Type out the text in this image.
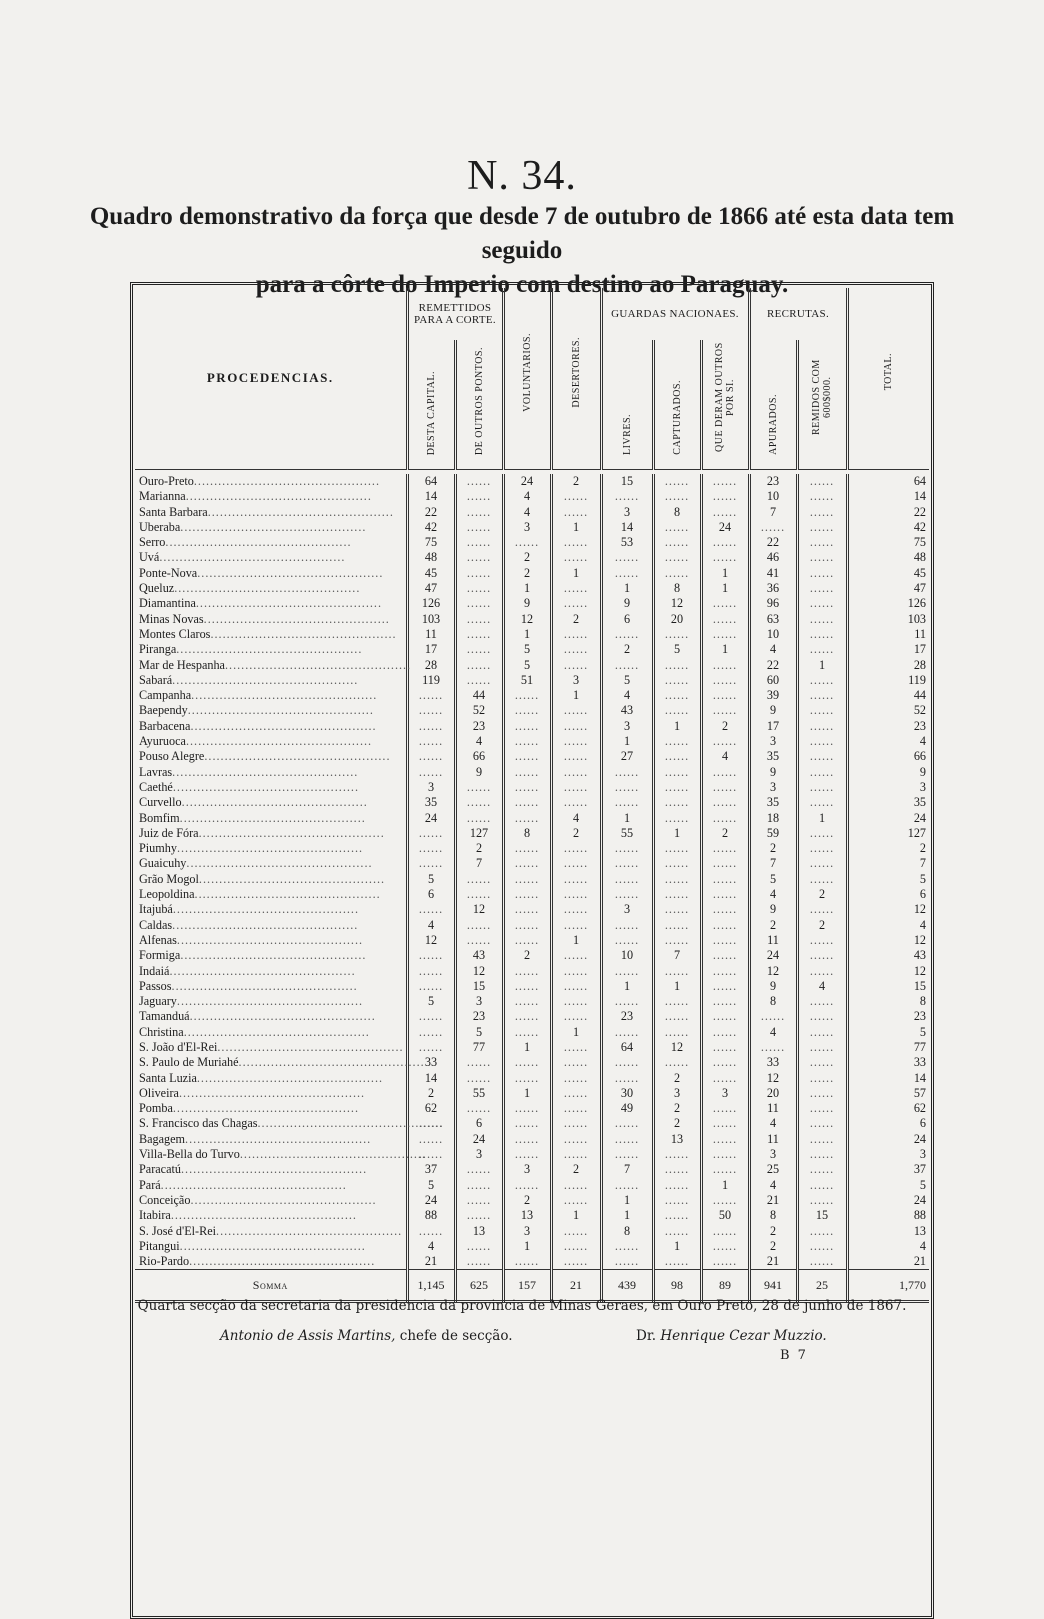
N. 34.
Quadro demonstrativo da força que desde 7 de outubro de 1866 até esta data tem seguido
para a côrte do Imperio com destino ao Paraguay.
PROCEDENCIAS.	REMETTIDOS PARA A CORTE.		VOLUNTARIOS.	DESERTORES.	GUARDAS NACIONAES.			RECRUTAS.		TOTAL.
	DESTA CAPITAL.	DE OUTROS PONTOS.			LIVRES.	CAPTURADOS.	QUE DERAM OUTROS POR SI.	APURADOS.	REMIDOS COM 600$000.	

Ouro-Preto..............................................	64	......	24	2	15	......	......	23	......	64
Marianna..............................................	14	......	4	......	......	......	......	10	......	14
Santa Barbara..............................................	22	......	4	......	3	8	......	7	......	22
Uberaba..............................................	42	......	3	1	14	......	24	......	......	42
Serro..............................................	75	......	......	......	53	......	......	22	......	75
Uvá..............................................	48	......	2	......	......	......	......	46	......	48
Ponte-Nova..............................................	45	......	2	1	......	......	1	41	......	45
Queluz..............................................	47	......	1	......	1	8	1	36	......	47
Diamantina..............................................	126	......	9	......	9	12	......	96	......	126
Minas Novas..............................................	103	......	12	2	6	20	......	63	......	103
Montes Claros..............................................	11	......	1	......	......	......	......	10	......	11
Piranga..............................................	17	......	5	......	2	5	1	4	......	17
Mar de Hespanha..............................................	28	......	5	......	......	......	......	22	1	28
Sabará..............................................	119	......	51	3	5	......	......	60	......	119
Campanha..............................................	......	44	......	1	4	......	......	39	......	44
Baependy..............................................	......	52	......	......	43	......	......	9	......	52
Barbacena..............................................	......	23	......	......	3	1	2	17	......	23
Ayuruoca..............................................	......	4	......	......	1	......	......	3	......	4
Pouso Alegre..............................................	......	66	......	......	27	......	4	35	......	66
Lavras..............................................	......	9	......	......	......	......	......	9	......	9
Caethé..............................................	3	......	......	......	......	......	......	3	......	3
Curvello..............................................	35	......	......	......	......	......	......	35	......	35
Bomfim..............................................	24	......	......	4	1	......	......	18	1	24
Juiz de Fóra..............................................	......	127	8	2	55	1	2	59	......	127
Piumhy..............................................	......	2	......	......	......	......	......	2	......	2
Guaicuhy..............................................	......	7	......	......	......	......	......	7	......	7
Grão Mogol..............................................	5	......	......	......	......	......	......	5	......	5
Leopoldina..............................................	6	......	......	......	......	......	......	4	2	6
Itajubá..............................................	......	12	......	......	3	......	......	9	......	12
Caldas..............................................	4	......	......	......	......	......	......	2	2	4
Alfenas..............................................	12	......	......	1	......	......	......	11	......	12
Formiga..............................................	......	43	2	......	10	7	......	24	......	43
Indaiá..............................................	......	12	......	......	......	......	......	12	......	12
Passos..............................................	......	15	......	......	1	1	......	9	4	15
Jaguary..............................................	5	3	......	......	......	......	......	8	......	8
Tamanduá..............................................	......	23	......	......	23	......	......	......	......	23
Christina..............................................	......	5	......	1	......	......	......	4	......	5
S. João d'El-Rei..............................................	......	77	1	......	64	12	......	......	......	77
S. Paulo de Muriahé..............................................	33	......	......	......	......	......	......	33	......	33
Santa Luzia..............................................	14	......	......	......	......	2	......	12	......	14
Oliveira..............................................	2	55	1	......	30	3	3	20	......	57
Pomba..............................................	62	......	......	......	49	2	......	11	......	62
S. Francisco das Chagas..............................................	......	6	......	......	......	2	......	4	......	6
Bagagem..............................................	......	24	......	......	......	13	......	11	......	24
Villa-Bella do Turvo..............................................	......	3	......	......	......	......	......	3	......	3
Paracatú..............................................	37	......	3	2	7	......	......	25	......	37
Pará..............................................	5	......	......	......	......	......	1	4	......	5
Conceição..............................................	24	......	2	......	1	......	......	21	......	24
Itabira..............................................	88	......	13	1	1	......	50	8	15	88
S. José d'El-Rei..............................................	......	13	3	......	8	......	......	2	......	13
Pitangui..............................................	4	......	1	......	......	1	......	2	......	4
Rio-Pardo..............................................	21	......	......	......	......	......	......	21	......	21
Somma	1,145	625	157	21	439	98	89	941	25	1,770
Quarta secção da secretaria da presidencia da provincia de Minas Geraes, em Ouro Preto, 28 de junho de 1867.
Antonio de Assis Martins, chefe de secção.	Dr. Henrique Cezar Muzzio.
B 7
